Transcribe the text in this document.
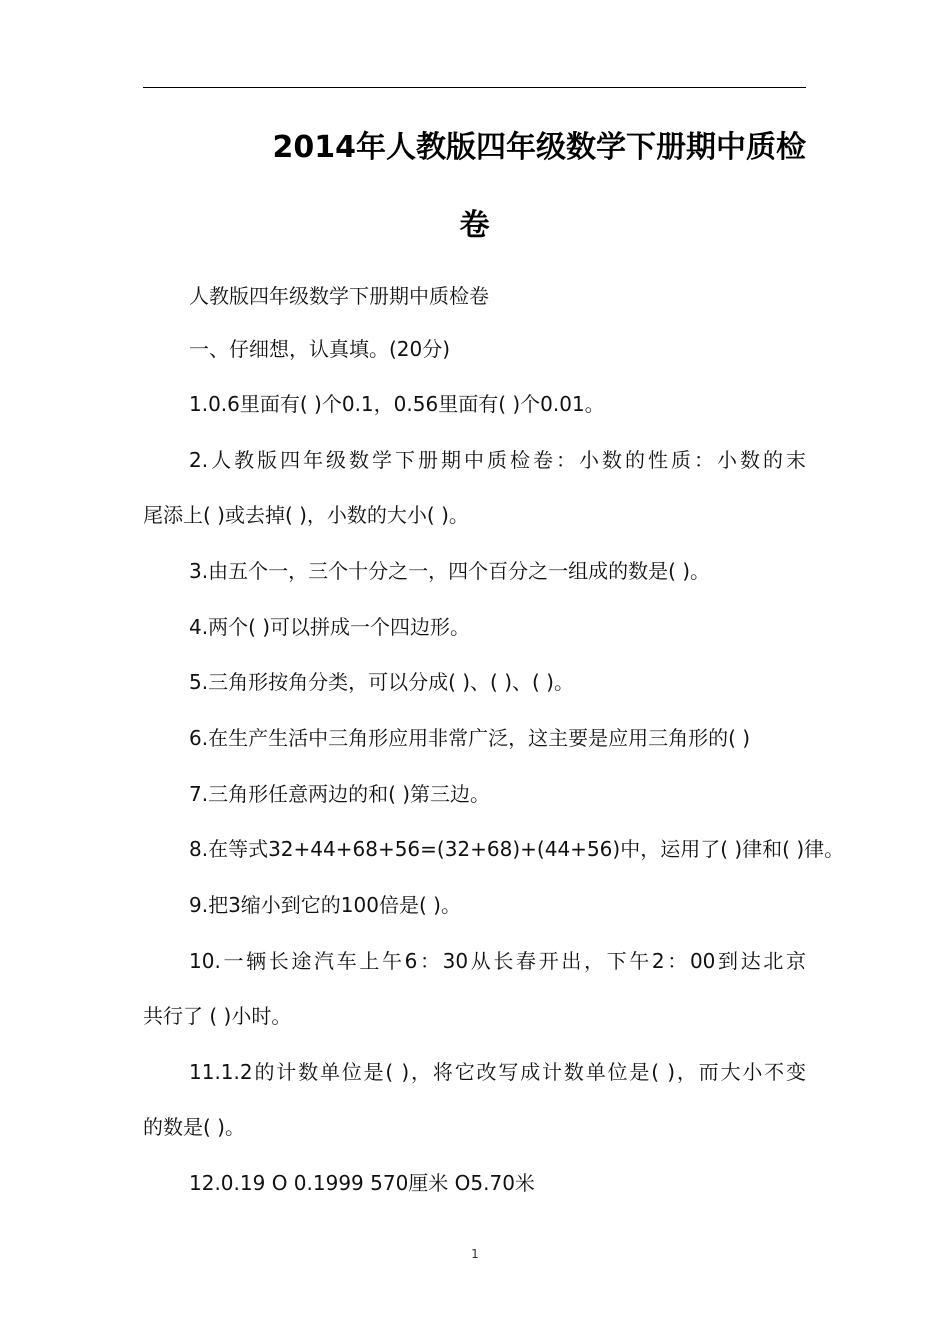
2014年人教版四年级数学下册期中质检
卷
人教版四年级数学下册期中质检卷
一、仔细想，认真填。(20分)
1.0.6里面有( )个0.1，0.56里面有( )个0.01。
2.人教版四年级数学下册期中质检卷：小数的性质：小数的末
尾添上( )或去掉( )，小数的大小( )。
3.由五个一，三个十分之一，四个百分之一组成的数是( )。
4.两个( )可以拼成一个四边形。
5.三角形按角分类，可以分成( )、( )、( )。
6.在生产生活中三角形应用非常广泛，这主要是应用三角形的( )
7.三角形任意两边的和( )第三边。
8.在等式32+44+68+56=(32+68)+(44+56)中，运用了( )律和( )律。
9.把3缩小到它的100倍是( )。
10.一辆长途汽车上午6：30从长春开出，下午2：00到达北京
共行了 ( )小时。
11.1.2的计数单位是( )，将它改写成计数单位是( )，而大小不变
的数是( )。
12.0.19 O 0.1999 570厘米 O5.70米
1
